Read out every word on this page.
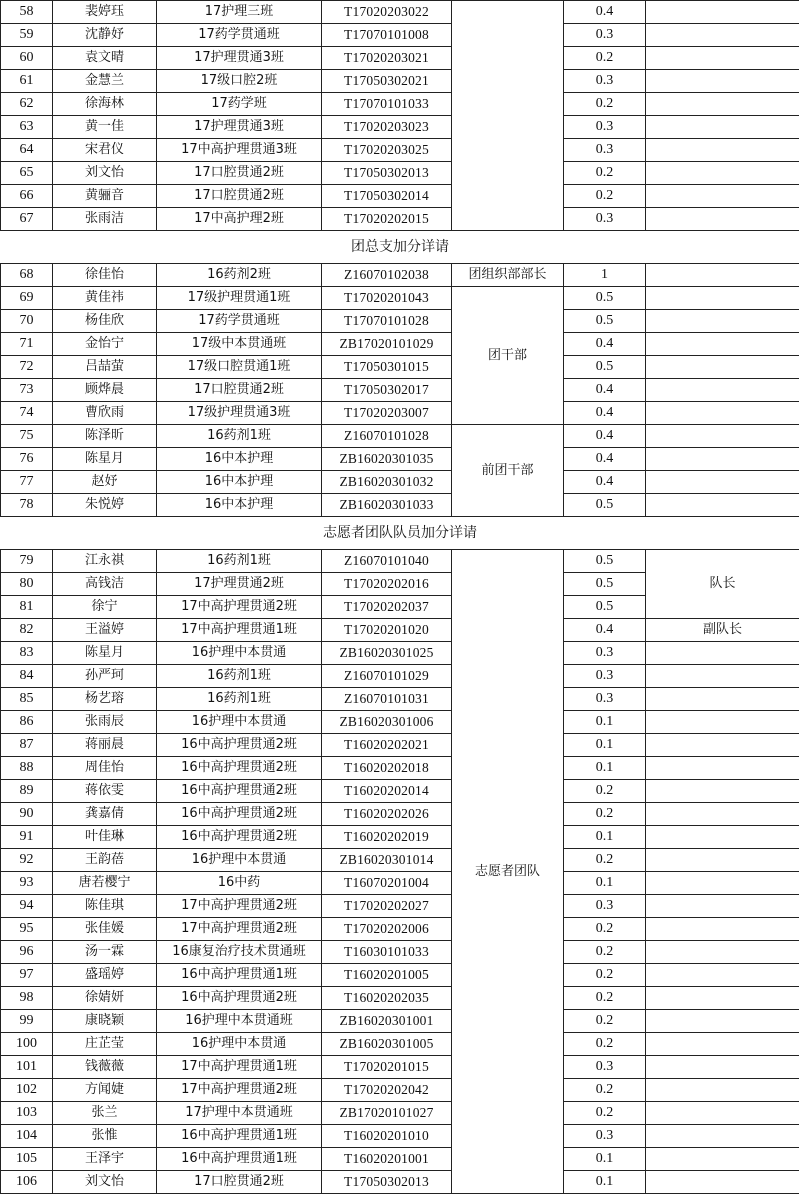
58	裴婷珏	17护理三班	T17020203022		0.4	
59	沈静妤	17药学贯通班	T17070101008		0.3	
60	袁文晴	17护理贯通3班	T17020203021		0.2	
61	金慧兰	17级口腔2班	T17050302021		0.3	
62	徐海林	17药学班	T17070101033		0.2	
63	黄一佳	17护理贯通3班	T17020203023		0.3	
64	宋君仪	17中高护理贯通3班	T17020203025		0.3	
65	刘文怡	17口腔贯通2班	T17050302013		0.2	
66	黄骊音	17口腔贯通2班	T17050302014		0.2	
67	张雨洁	17中高护理2班	T17020202015		0.3	
团总支加分详请						
68	徐佳怡	16药剂2班	Z16070102038	团组织部部长	1	
69	黄佳祎	17级护理贯通1班	T17020201043	团干部	0.5	
70	杨佳欣	17药学贯通班	T17070101028		0.5	
71	金怡宁	17级中本贯通班	ZB17020101029		0.4	
72	吕喆萤	17级口腔贯通1班	T17050301015		0.5	
73	顾烨晨	17口腔贯通2班	T17050302017		0.4	
74	曹欣雨	17级护理贯通3班	T17020203007		0.4	
75	陈泽昕	16药剂1班	Z16070101028	前团干部	0.4	
76	陈星月	16中本护理	ZB16020301035		0.4	
77	赵妤	16中本护理	ZB16020301032		0.4	
78	朱悦婷	16中本护理	ZB16020301033		0.5	
志愿者团队队员加分详请						
79	江永祺	16药剂1班	Z16070101040	志愿者团队	0.5	队长
80	高钱洁	17护理贯通2班	T17020202016		0.5	
81	徐宁	17中高护理贯通2班	T17020202037		0.5	
82	王溢婷	17中高护理贯通1班	T17020201020		0.4	副队长
83	陈星月	16护理中本贯通	ZB16020301025		0.3	
84	孙严珂	16药剂1班	Z16070101029		0.3	
85	杨艺瑢	16药剂1班	Z16070101031		0.3	
86	张雨辰	16护理中本贯通	ZB16020301006		0.1	
87	蒋丽晨	16中高护理贯通2班	T16020202021		0.1	
88	周佳怡	16中高护理贯通2班	T16020202018		0.1	
89	蒋依雯	16中高护理贯通2班	T16020202014		0.2	
90	龚嘉倩	16中高护理贯通2班	T16020202026		0.2	
91	叶佳琳	16中高护理贯通2班	T16020202019		0.1	
92	王韵蓓	16护理中本贯通	ZB16020301014		0.2	
93	唐若樱宁	16中药	T16070201004		0.1	
94	陈佳琪	17中高护理贯通2班	T17020202027		0.3	
95	张佳媛	17中高护理贯通2班	T17020202006		0.2	
96	汤一霖	16康复治疗技术贯通班	T16030101033		0.2	
97	盛瑶婷	16中高护理贯通1班	T16020201005		0.2	
98	徐婧妍	16中高护理贯通2班	T16020202035		0.2	
99	康晓颖	16护理中本贯通班	ZB16020301001		0.2	
100	庄芷莹	16护理中本贯通	ZB16020301005		0.2	
101	钱薇薇	17中高护理贯通1班	T17020201015		0.3	
102	方闻婕	17中高护理贯通2班	T17020202042		0.2	
103	张兰	17护理中本贯通班	ZB17020101027		0.2	
104	张惟	16中高护理贯通1班	T16020201010		0.3	
105	王泽宇	16中高护理贯通1班	T16020201001		0.1	
106	刘文怡	17口腔贯通2班	T17050302013		0.1	
